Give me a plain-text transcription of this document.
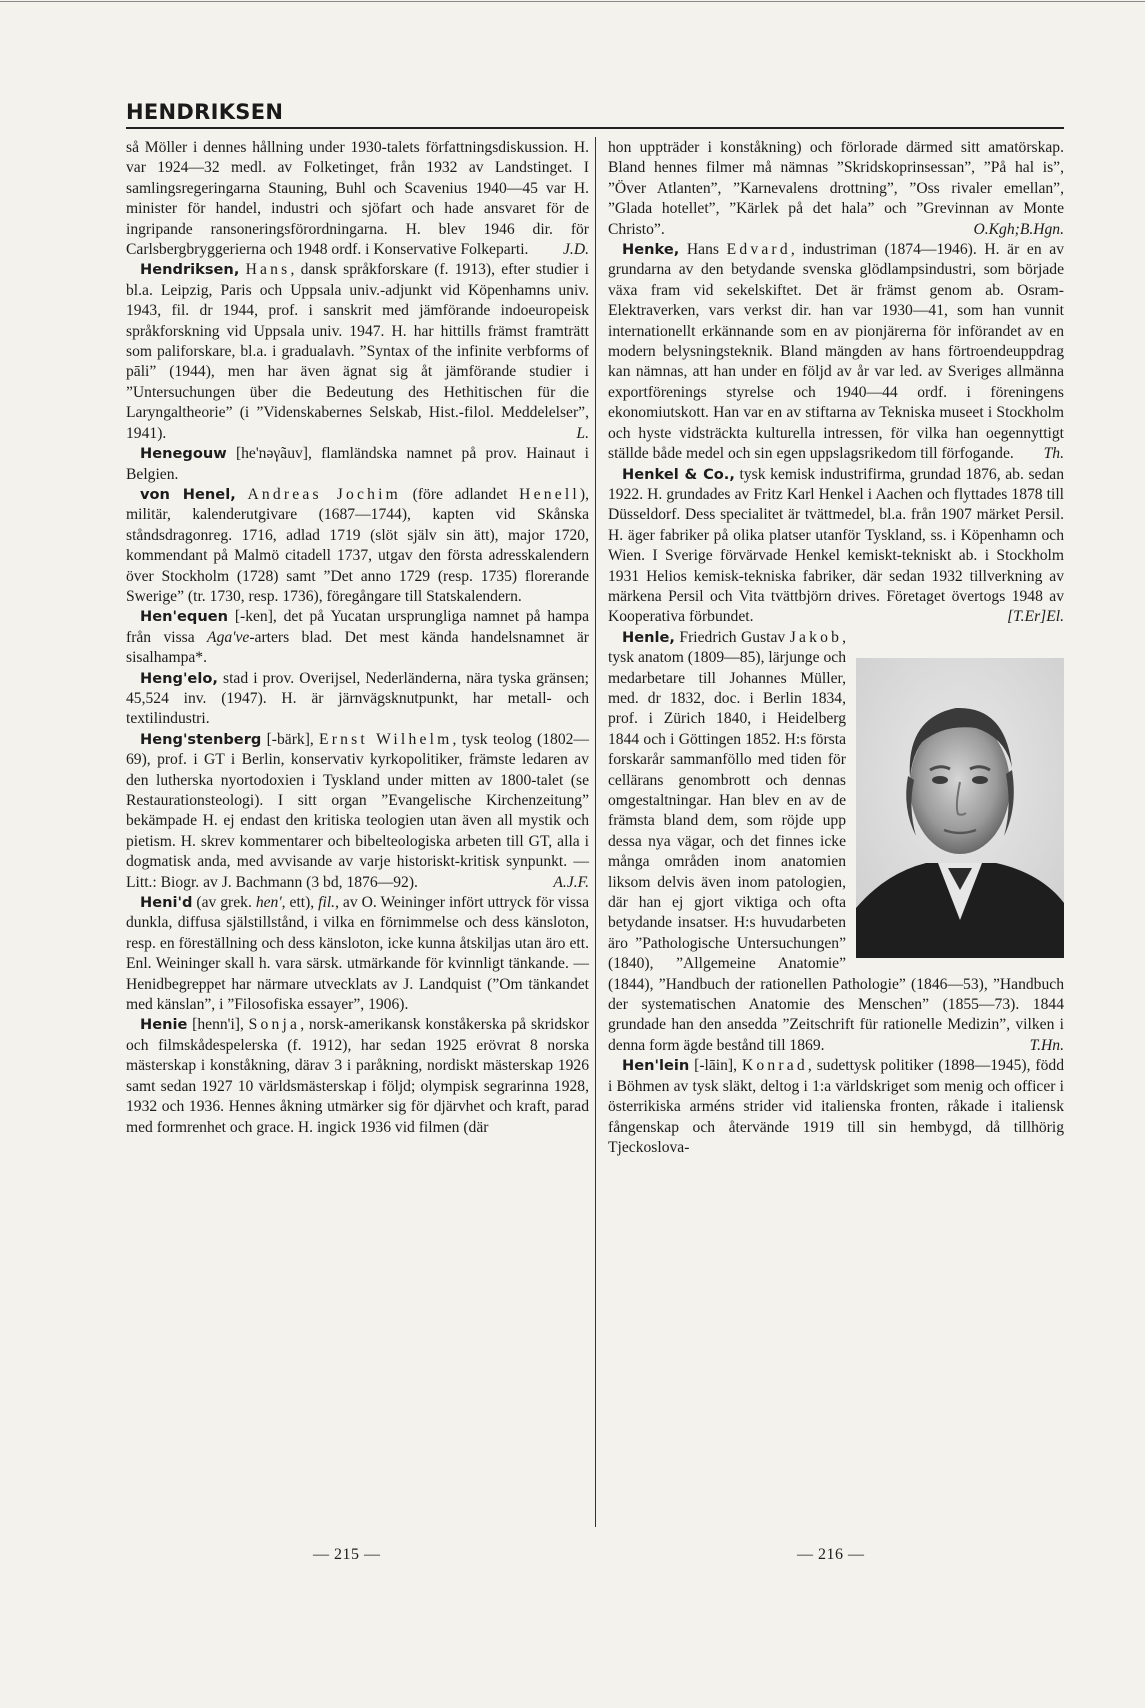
HENDRIKSEN

så Möller i dennes hållning under 1930-talets författningsdiskussion. H. var 1924—32 medl. av Folketinget, från 1932 av Landstinget. I samlingsregeringarna Stauning, Buhl och Scavenius 1940—45 var H. minister för handel, industri och sjöfart och hade ansvaret för de ingripande ransoneringsförordningarna. H. blev 1946 dir. för Carlsbergbryggerierna och 1948 ordf. i Konservative Folkeparti. J.D.

Hendriksen, Hans, dansk språkforskare (f. 1913), efter studier i bl.a. Leipzig, Paris och Uppsala univ.-adjunkt vid Köpenhamns univ. 1943, fil. dr 1944, prof. i sanskrit med jämförande indoeuropeisk språkforskning vid Uppsala univ. 1947. H. har hittills främst framträtt som paliforskare, bl.a. i gradualavh. ”Syntax of the infinite verbforms of pāli” (1944), men har även ägnat sig åt jämförande studier i ”Untersuchungen über die Bedeutung des Hethitischen für die Laryngaltheorie” (i ”Videnskabernes Selskab, Hist.-filol. Meddelelser”, 1941).	L.

Henegouw [he'nəγãuv], flamländska namnet på prov. Hainaut i Belgien.

von Henel, Andreas Jochim (före adlandet Henell), militär, kalenderutgivare (1687—1744), kapten vid Skånska ståndsdragonreg. 1716, adlad 1719 (slöt själv sin ätt), major 1720, kommendant på Malmö citadell 1737, utgav den första adresskalendern över Stockholm (1728) samt ”Det anno 1729 (resp. 1735) florerande Swerige” (tr. 1730, resp. 1736), föregångare till Statskalendern.

Hen'equen [-ken], det på Yucatan ursprungliga namnet på hampa från vissa Aga've-arters blad. Det mest kända handelsnamnet är sisalhampa*.

Heng'elo, stad i prov. Overijsel, Nederländerna, nära tyska gränsen; 45,524 inv. (1947). H. är järnvägsknutpunkt, har metall- och textilindustri.

Heng'stenberg [-bärk], Ernst Wilhelm, tysk teolog (1802—69), prof. i GT i Berlin, konservativ kyrkopolitiker, främste ledaren av den lutherska nyortodoxien i Tyskland under mitten av 1800-talet (se Restaurationsteologi). I sitt organ ”Evangelische Kirchenzeitung” bekämpade H. ej endast den kritiska teologien utan även all mystik och pietism. H. skrev kommentarer och bibelteologiska arbeten till GT, alla i dogmatisk anda, med avvisande av varje historiskt-kritisk synpunkt. — Litt.: Biogr. av J. Bachmann (3 bd, 1876—92).	A.J.F.

Heni'd (av grek. hen', ett), fil., av O. Weininger infört uttryck för vissa dunkla, diffusa själstillstånd, i vilka en förnimmelse och dess känsloton, resp. en föreställning och dess känsloton, icke kunna åtskiljas utan äro ett. Enl. Weininger skall h. vara särsk. utmärkande för kvinnligt tänkande. — Henidbegreppet har närmare utvecklats av J. Landquist (”Om tänkandet med känslan”, i ”Filosofiska essayer”, 1906).

Henie [henn'i], Sonja, norsk-amerikansk konståkerska på skridskor och filmskådespelerska (f. 1912), har sedan 1925 erövrat 8 norska mästerskap i konståkning, därav 3 i paråkning, nordiskt mästerskap 1926 samt sedan 1927 10 världsmästerskap i följd; olympisk segrarinna 1928, 1932 och 1936. Hennes åkning utmärker sig för djärvhet och kraft, parad med formrenhet och grace. H. ingick 1936 vid filmen (där

hon uppträder i konståkning) och förlorade därmed sitt amatörskap. Bland hennes filmer må nämnas ”Skridskoprinsessan”, ”På hal is”, ”Över Atlanten”, ”Karnevalens drottning”, ”Oss rivaler emellan”, ”Glada hotellet”, ”Kärlek på det hala” och ”Grevinnan av Monte Christo”.	O.Kgh;B.Hgn.

Henke, Hans Edvard, industriman (1874—1946). H. är en av grundarna av den betydande svenska glödlampsindustri, som började växa fram vid sekelskiftet. Det är främst genom ab. Osram-Elektraverken, vars verkst dir. han var 1930—41, som han vunnit internationellt erkännande som en av pionjärerna för införandet av en modern belysningsteknik. Bland mängden av hans förtroendeuppdrag kan nämnas, att han under en följd av år var led. av Sveriges allmänna exportförenings styrelse och 1940—44 ordf. i föreningens ekonomiutskott. Han var en av stiftarna av Tekniska museet i Stockholm och hyste vidsträckta kulturella intressen, för vilka han oegennyttigt ställde både medel och sin egen uppslagsrikedom till förfogande.	Th.

Henkel & Co., tysk kemisk industrifirma, grundad 1876, ab. sedan 1922. H. grundades av Fritz Karl Henkel i Aachen och flyttades 1878 till Düsseldorf. Dess specialitet är tvättmedel, bl.a. från 1907 märket Persil. H. äger fabriker på olika platser utanför Tyskland, ss. i Köpenhamn och Wien. I Sverige förvärvade Henkel kemiskt-tekniskt ab. i Stockholm 1931 Helios kemisk-tekniska fabriker, där sedan 1932 tillverkning av märkena Persil och Vita tvättbjörn drives. Företaget övertogs 1948 av Kooperativa förbundet.	[T.Er]El.

Henle, Friedrich Gustav Jakob, tysk anatom (1809—85), lärjunge och medarbetare till Johannes Müller, med. dr 1832, doc. i Berlin 1834, prof. i Zürich 1840, i Heidelberg 1844 och i Göttingen 1852. H:s första forskarår sammanföllo med tiden för cellärans genombrott och dennas omgestaltningar. Han blev en av de främsta bland dem, som röjde upp dessa nya vägar, och det finnes icke många områden inom anatomien liksom delvis även inom patologien, där han ej gjort viktiga och ofta betydande insatser. H:s huvudarbeten äro ”Pathologische Untersuchungen” (1840), ”Allgemeine Anatomie” (1844), ”Handbuch der rationellen Pathologie” (1846—53), ”Handbuch der systematischen Anatomie des Menschen” (1855—73). 1844 grundade han den ansedda ”Zeitschrift für rationelle Medizin”, vilken i denna form ägde bestånd till 1869.	T.Hn.

Hen'lein [-lāin], Konrad, sudettysk politiker (1898—1945), född i Böhmen av tysk släkt, deltog i 1:a världskriget som menig och officer i österrikiska arméns strider vid italienska fronten, råkade i italiensk fångenskap och återvände 1919 till sin hembygd, då tillhörig Tjeckoslova-

— 215 —	— 216 —
